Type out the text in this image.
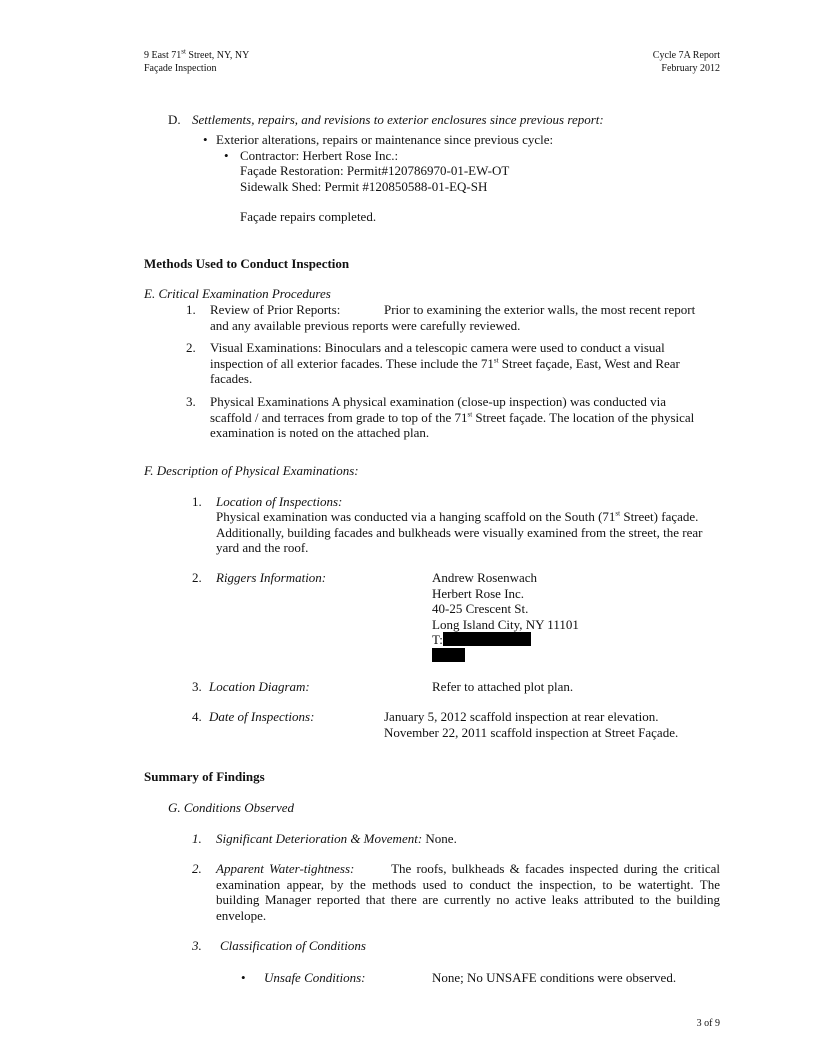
9 East 71st Street, NY, NY
Façade Inspection
Cycle 7A Report
February 2012
D. Settlements, repairs, and revisions to exterior enclosures since previous report:
• Exterior alterations, repairs or maintenance since previous cycle:
• Contractor: Herbert Rose Inc.:
Façade Restoration: Permit#120786970-01-EW-OT
Sidewalk Shed: Permit #120850588-01-EQ-SH
Façade repairs completed.
Methods Used to Conduct Inspection
E. Critical Examination Procedures
1. Review of Prior Reports:	Prior to examining the exterior walls, the most recent report
and any available previous reports were carefully reviewed.
2. Visual Examinations: Binoculars and a telescopic camera were used to conduct a visual
inspection of all exterior facades. These include the 71st Street façade, East, West and Rear
facades.
3. Physical Examinations A physical examination (close-up inspection) was conducted via
scaffold / and terraces from grade to top of the 71st Street façade. The location of the physical
examination is noted on the attached plan.
F. Description of Physical Examinations:
1. Location of Inspections:
Physical examination was conducted via a hanging scaffold on the South (71st Street) façade.
Additionally, building facades and bulkheads were visually examined from the street, the rear
yard and the roof.
2. Riggers Information:	Andrew Rosenwach
Herbert Rose Inc.
40-25 Crescent St.
Long Island City, NY 11101
T:
3. Location Diagram:	Refer to attached plot plan.
4. Date of Inspections:	January 5, 2012 scaffold inspection at rear elevation.
November 22, 2011 scaffold inspection at Street Façade.
Summary of Findings
G. Conditions Observed
1. Significant Deterioration & Movement: None.
2. Apparent Water-tightness:	The roofs, bulkheads & facades inspected during the critical examination appear, by the methods used to conduct the inspection, to be watertight. The building Manager reported that there are currently no active leaks attributed to the building envelope.
3. Classification of Conditions
• Unsafe Conditions:	None; No UNSAFE conditions were observed.
3 of 9
